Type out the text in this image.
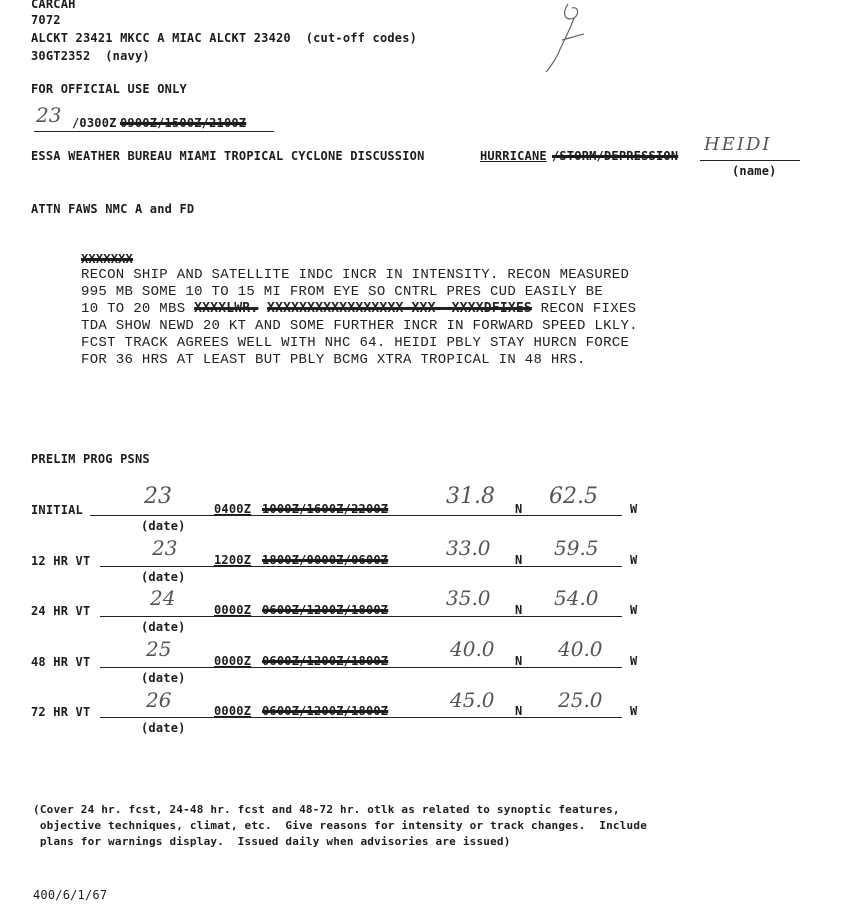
CARCAH
7072
ALCKT 23421 MKCC A MIAC ALCKT 23420  (cut-off codes)
30GT2352  (navy)
FOR OFFICIAL USE ONLY
23 /0300Z 0900Z/1500Z/2100Z
ESSA WEATHER BUREAU MIAMI TROPICAL CYCLONE DISCUSSION	HURRICANE /STORM/DEPRESSION
HEIDI
(name)
ATTN FAWS NMC A and FD
XXXXXXX
RECON SHIP AND SATELLITE INDC INCR IN INTENSITY. RECON MEASURED
995 MB SOME 10 TO 15 MI FROM EYE SO CNTRL PRES CUD EASILY BE
10 TO 20 MBS XXXXLWR. XXXXXXXXXXXXXXXXX XXX  XXXXDFIXES RECON FIXES
TDA SHOW NEWD 20 KT AND SOME FURTHER INCR IN FORWARD SPEED LKLY.
FCST TRACK AGREES WELL WITH NHC 64. HEIDI PBLY STAY HURCN FORCE
FOR 36 HRS AT LEAST BUT PBLY BCMG XTRA TROPICAL IN 48 HRS.
PRELIM PROG PSNS
INITIAL
23	0400Z 1000Z/1600Z/2200Z	31.8 N 62.5	W
(date)
12 HR VT
23	1200Z 1800Z/0000Z/0600Z	33.0 N 59.5	W
(date)
24 HR VT
24	0000Z 0600Z/1200Z/1800Z	35.0 N 54.0	W
(date)
48 HR VT
25	0000Z 0600Z/1200Z/1800Z	40.0 N 40.0 W
(date)
72 HR VT	26	0000Z 0600Z/1200Z/1800Z	45.0 N 25.0 W
(date)
(Cover 24 hr. fcst, 24-48 hr. fcst and 48-72 hr. otlk as related to synoptic features,
objective techniques, climat, etc.  Give reasons for intensity or track changes.  Include
plans for warnings display.  Issued daily when advisories are issued)
400/6/1/67
